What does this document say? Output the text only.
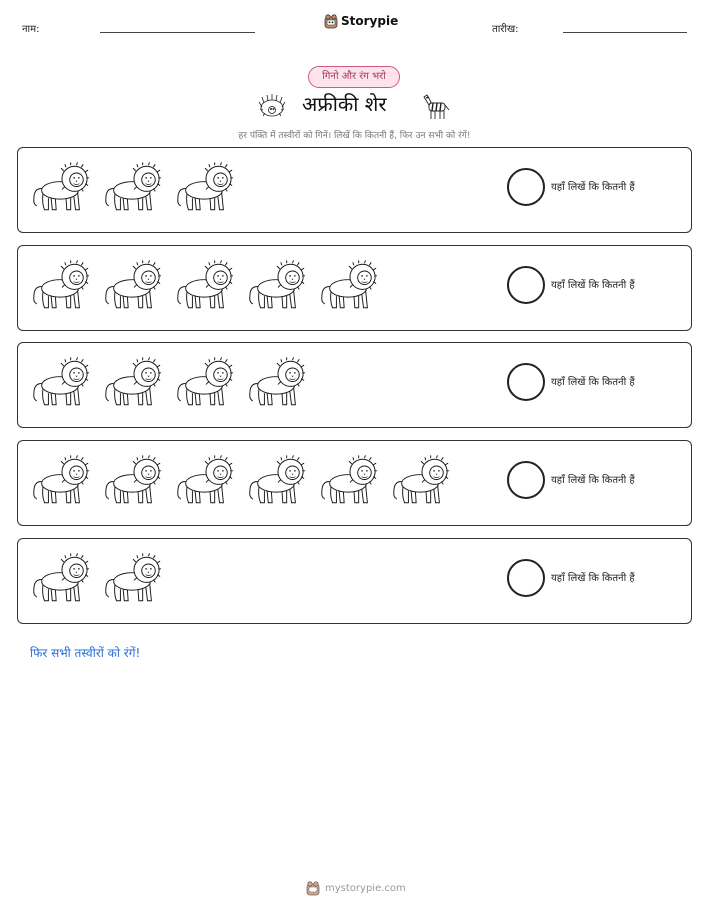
नाम:	तारीख:
Storypie
गिनो और रंग भरो
अफ्रीकी शेर
हर पंक्ति में तस्वीरों को गिनें। लिखें कि कितनी हैं, फिर उन सभी को रंगें!
यहाँ लिखें कि कितनी हैं
यहाँ लिखें कि कितनी हैं
यहाँ लिखें कि कितनी हैं
यहाँ लिखें कि कितनी हैं
यहाँ लिखें कि कितनी हैं
फिर सभी तस्वीरों को रंगें!
mystorypie.com
